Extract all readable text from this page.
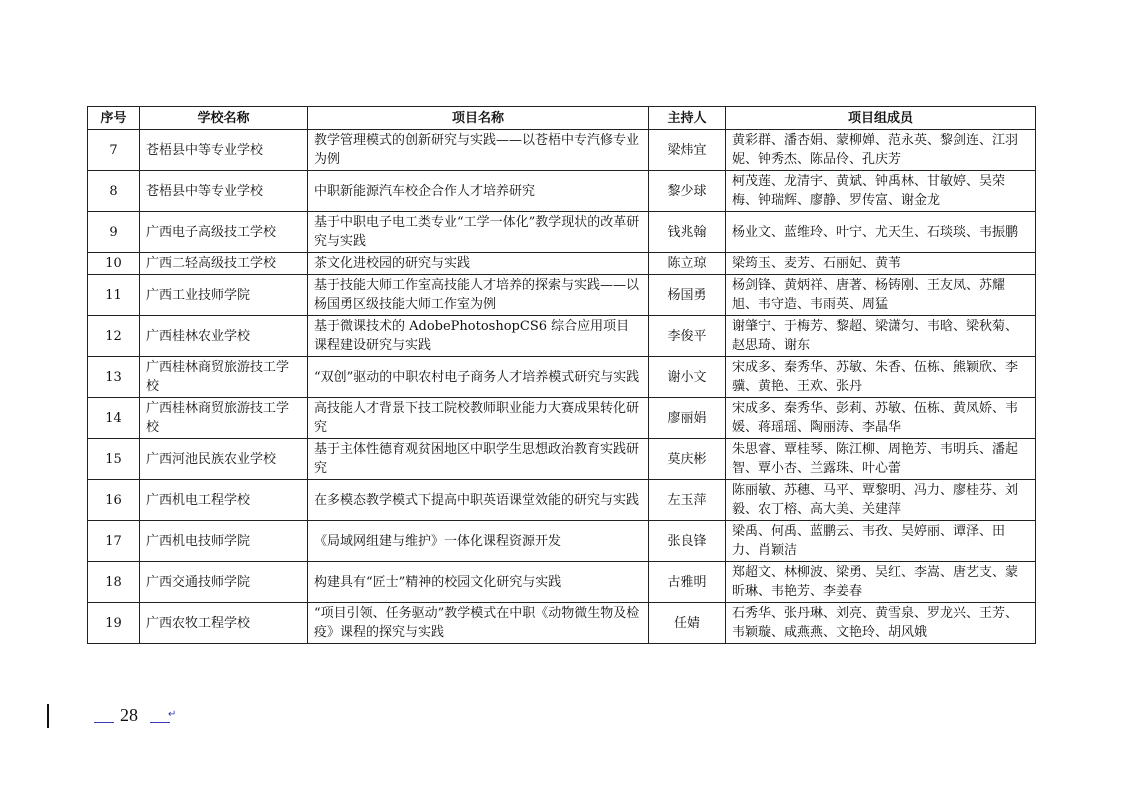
序号	学校名称	项目名称	主持人	项目组成员
7	苍梧县中等专业学校	教学管理模式的创新研究与实践——以苍梧中专汽修专业为例	梁炜宜	黄彩群、潘杏娟、蒙柳婵、范永英、黎剑连、江羽妮、钟秀杰、陈品伶、孔庆芳
8	苍梧县中等专业学校	中职新能源汽车校企合作人才培养研究	黎少球	柯茂莲、龙清宇、黄斌、钟禹林、甘敏婷、吴荣梅、钟瑞辉、廖静、罗传富、谢金龙
9	广西电子高级技工学校	基于中职电子电工类专业“工学一体化”教学现状的改革研究与实践	钱兆翰	杨业文、蓝维玲、叶宁、尤天生、石琰琰、韦振鹏
10	广西二轻高级技工学校	茶文化进校园的研究与实践	陈立琼	梁筠玉、麦芳、石丽妃、黄苇
11	广西工业技师学院	基于技能大师工作室高技能人才培养的探索与实践——以杨国勇区级技能大师工作室为例	杨国勇	杨剑锋、黄炳祥、唐著、杨铸刚、王友凤、苏耀旭、韦守造、韦雨英、周猛
12	广西桂林农业学校	基于微课技术的 AdobePhotoshopCS6 综合应用项目课程建设研究与实践	李俊平	谢肇宁、于梅芳、黎超、梁潇匀、韦晗、梁秋菊、赵思琦、谢东
13	广西桂林商贸旅游技工学校	“双创”驱动的中职农村电子商务人才培养模式研究与实践	谢小文	宋成多、秦秀华、苏敏、朱香、伍栋、熊颖欣、李骥、黄艳、王欢、张丹
14	广西桂林商贸旅游技工学校	高技能人才背景下技工院校教师职业能力大赛成果转化研究	廖丽娟	宋成多、秦秀华、彭莉、苏敏、伍栋、黄凤娇、韦媛、蒋瑶瑶、陶丽涛、李晶华
15	广西河池民族农业学校	基于主体性德育观贫困地区中职学生思想政治教育实践研究	莫庆彬	朱思睿、覃桂琴、陈江柳、周艳芳、韦明兵、潘起智、覃小杏、兰露珠、叶心蕾
16	广西机电工程学校	在多模态教学模式下提高中职英语课堂效能的研究与实践	左玉萍	陈丽敏、苏穗、马平、覃黎明、冯力、廖桂芬、刘毅、农丁榕、高大美、关建萍
17	广西机电技师学院	《局域网组建与维护》一体化课程资源开发	张良锋	梁禹、何禹、蓝鹏云、韦孜、吴婷丽、谭泽、田力、肖颖洁
18	广西交通技师学院	构建具有“匠士”精神的校园文化研究与实践	古雅明	郑超文、林柳波、梁勇、吴红、李嵩、唐艺支、蒙昕琳、韦艳芳、李姜春
19	广西农牧工程学校	“项目引领、任务驱动”教学模式在中职《动物微生物及检疫》课程的探究与实践	任婧	石秀华、张丹琳、刘亮、黄雪泉、罗龙兴、王芳、韦颖璇、咸燕燕、文艳玲、胡风娥
28	↵
